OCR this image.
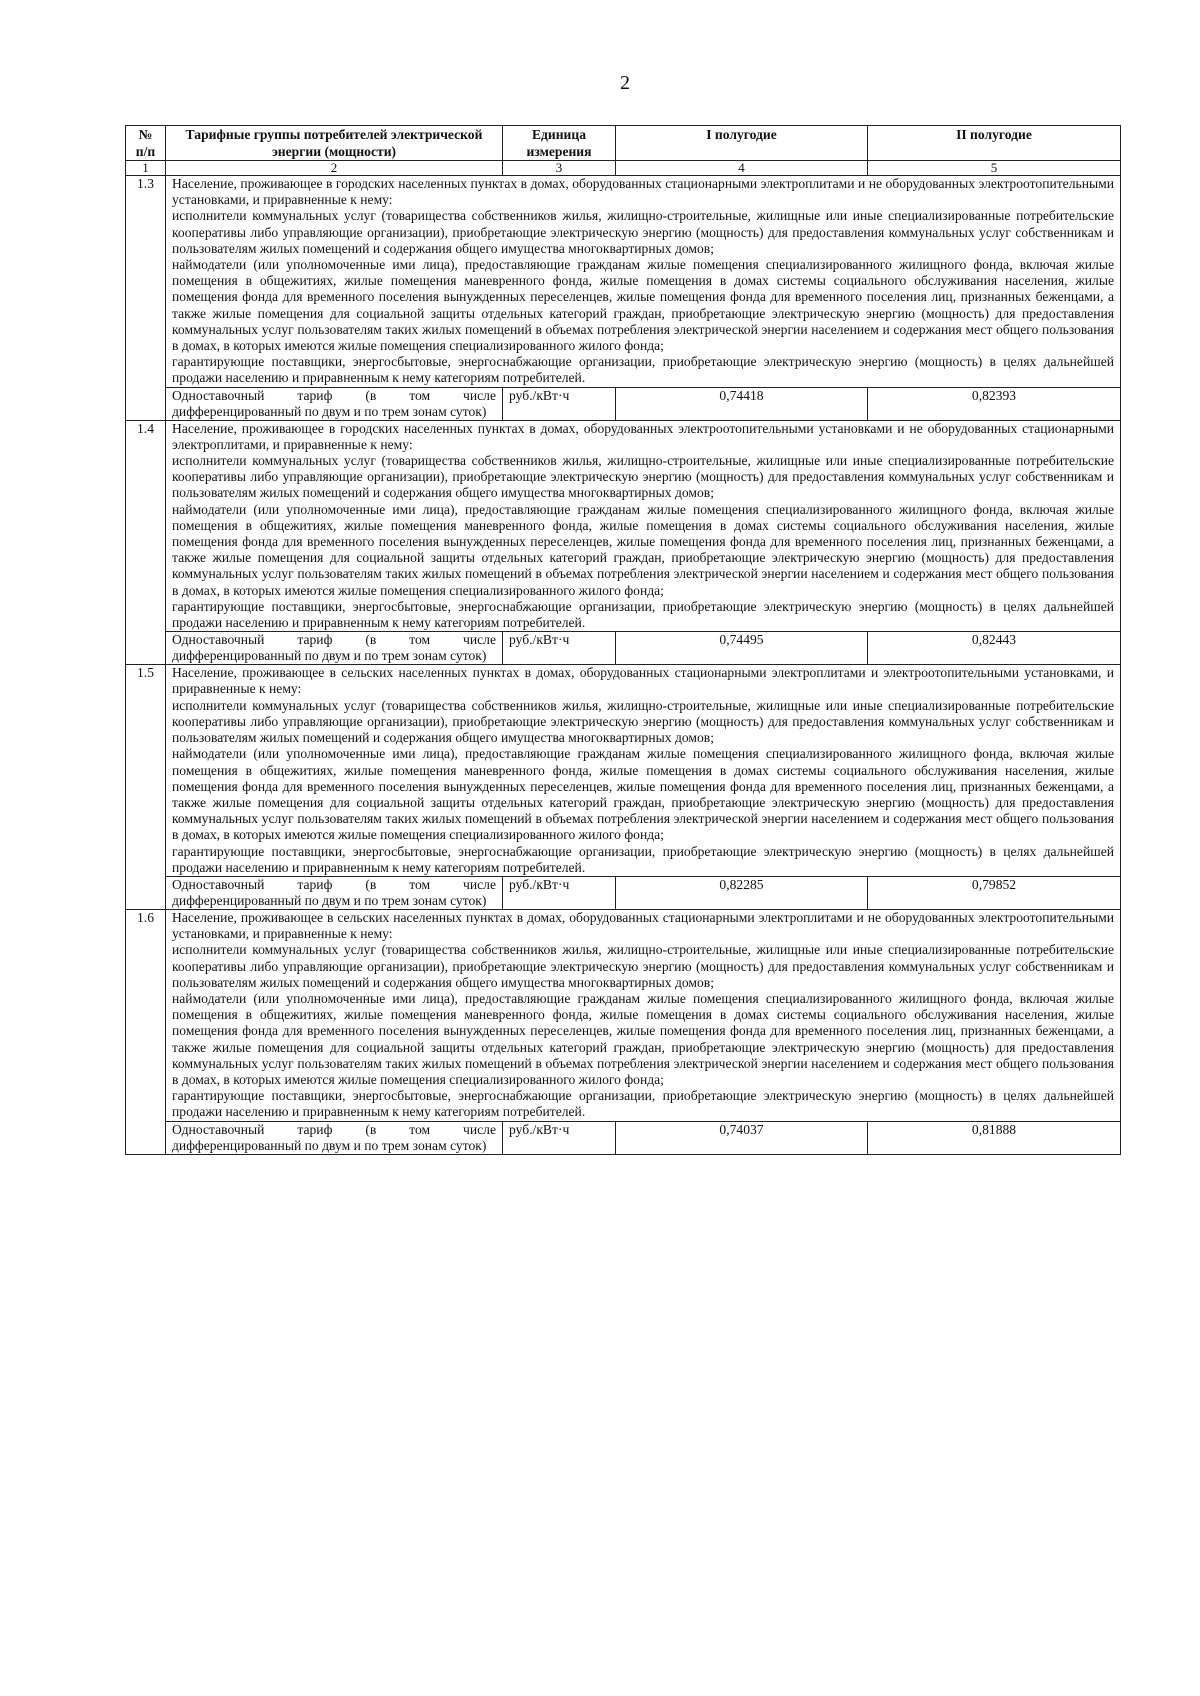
2
№ п/п	Тарифные группы потребителей электрической энергии (мощности)	Единица измерения	I полугодие	II полугодие
1	2	3	4	5
1.3	Население, проживающее в городских населенных пунктах в домах, оборудованных стационарными электроплитами и не оборудованных электроотопительными установками, и приравненные к нему:

исполнители коммунальных услуг (товарищества собственников жилья, жилищно-строительные, жилищные или иные специализированные потребительские кооперативы либо управляющие организации), приобретающие электрическую энергию (мощность) для предоставления коммунальных услуг собственникам и пользователям жилых помещений и содержания общего имущества многоквартирных домов;

наймодатели (или уполномоченные ими лица), предоставляющие гражданам жилые помещения специализированного жилищного фонда, включая жилые помещения в общежитиях, жилые помещения маневренного фонда, жилые помещения в домах системы социального обслуживания населения, жилые помещения фонда для временного поселения вынужденных переселенцев, жилые помещения фонда для временного поселения лиц, признанных беженцами, а также жилые помещения для социальной защиты отдельных категорий граждан, приобретающие электрическую энергию (мощность) для предоставления коммунальных услуг пользователям таких жилых помещений в объемах потребления электрической энергии населением и содержания мест общего пользования в домах, в которых имеются жилые помещения специализированного жилого фонда;

гарантирующие поставщики, энергосбытовые, энергоснабжающие организации, приобретающие электрическую энергию (мощность) в целях дальнейшей продажи населению и приравненным к нему категориям потребителей.			

	Одноставочный тариф (в том числе дифференцированный по двум и по трем зонам суток)	руб./кВт·ч	0,74418	0,82393
1.4	Население, проживающее в городских населенных пунктах в домах, оборудованных электроотопительными установками и не оборудованных стационарными электроплитами, и приравненные к нему:

исполнители коммунальных услуг (товарищества собственников жилья, жилищно-строительные, жилищные или иные специализированные потребительские кооперативы либо управляющие организации), приобретающие электрическую энергию (мощность) для предоставления коммунальных услуг собственникам и пользователям жилых помещений и содержания общего имущества многоквартирных домов;

наймодатели (или уполномоченные ими лица), предоставляющие гражданам жилые помещения специализированного жилищного фонда, включая жилые помещения в общежитиях, жилые помещения маневренного фонда, жилые помещения в домах системы социального обслуживания населения, жилые помещения фонда для временного поселения вынужденных переселенцев, жилые помещения фонда для временного поселения лиц, признанных беженцами, а также жилые помещения для социальной защиты отдельных категорий граждан, приобретающие электрическую энергию (мощность) для предоставления коммунальных услуг пользователям таких жилых помещений в объемах потребления электрической энергии населением и содержания мест общего пользования в домах, в которых имеются жилые помещения специализированного жилого фонда;

гарантирующие поставщики, энергосбытовые, энергоснабжающие организации, приобретающие электрическую энергию (мощность) в целях дальнейшей продажи населению и приравненным к нему категориям потребителей.			

	Одноставочный тариф (в том числе дифференцированный по двум и по трем зонам суток)	руб./кВт·ч	0,74495	0,82443
1.5	Население, проживающее в сельских населенных пунктах в домах, оборудованных стационарными электроплитами и электроотопительными установками, и приравненные к нему:

исполнители коммунальных услуг (товарищества собственников жилья, жилищно-строительные, жилищные или иные специализированные потребительские кооперативы либо управляющие организации), приобретающие электрическую энергию (мощность) для предоставления коммунальных услуг собственникам и пользователям жилых помещений и содержания общего имущества многоквартирных домов;

наймодатели (или уполномоченные ими лица), предоставляющие гражданам жилые помещения специализированного жилищного фонда, включая жилые помещения в общежитиях, жилые помещения маневренного фонда, жилые помещения в домах системы социального обслуживания населения, жилые помещения фонда для временного поселения вынужденных переселенцев, жилые помещения фонда для временного поселения лиц, признанных беженцами, а также жилые помещения для социальной защиты отдельных категорий граждан, приобретающие электрическую энергию (мощность) для предоставления коммунальных услуг пользователям таких жилых помещений в объемах потребления электрической энергии населением и содержания мест общего пользования в домах, в которых имеются жилые помещения специализированного жилого фонда;

гарантирующие поставщики, энергосбытовые, энергоснабжающие организации, приобретающие электрическую энергию (мощность) в целях дальнейшей продажи населению и приравненным к нему категориям потребителей.			

	Одноставочный тариф (в том числе дифференцированный по двум и по трем зонам суток)	руб./кВт·ч	0,82285	0,79852
1.6	Население, проживающее в сельских населенных пунктах в домах, оборудованных стационарными электроплитами и не оборудованных электроотопительными установками, и приравненные к нему:

исполнители коммунальных услуг (товарищества собственников жилья, жилищно-строительные, жилищные или иные специализированные потребительские кооперативы либо управляющие организации), приобретающие электрическую энергию (мощность) для предоставления коммунальных услуг собственникам и пользователям жилых помещений и содержания общего имущества многоквартирных домов;

наймодатели (или уполномоченные ими лица), предоставляющие гражданам жилые помещения специализированного жилищного фонда, включая жилые помещения в общежитиях, жилые помещения маневренного фонда, жилые помещения в домах системы социального обслуживания населения, жилые помещения фонда для временного поселения вынужденных переселенцев, жилые помещения фонда для временного поселения лиц, признанных беженцами, а также жилые помещения для социальной защиты отдельных категорий граждан, приобретающие электрическую энергию (мощность) для предоставления коммунальных услуг пользователям таких жилых помещений в объемах потребления электрической энергии населением и содержания мест общего пользования в домах, в которых имеются жилые помещения специализированного жилого фонда;

гарантирующие поставщики, энергосбытовые, энергоснабжающие организации, приобретающие электрическую энергию (мощность) в целях дальнейшей продажи населению и приравненным к нему категориям потребителей.			

	Одноставочный тариф (в том числе дифференцированный по двум и по трем зонам суток)	руб./кВт·ч	0,74037	0,81888
